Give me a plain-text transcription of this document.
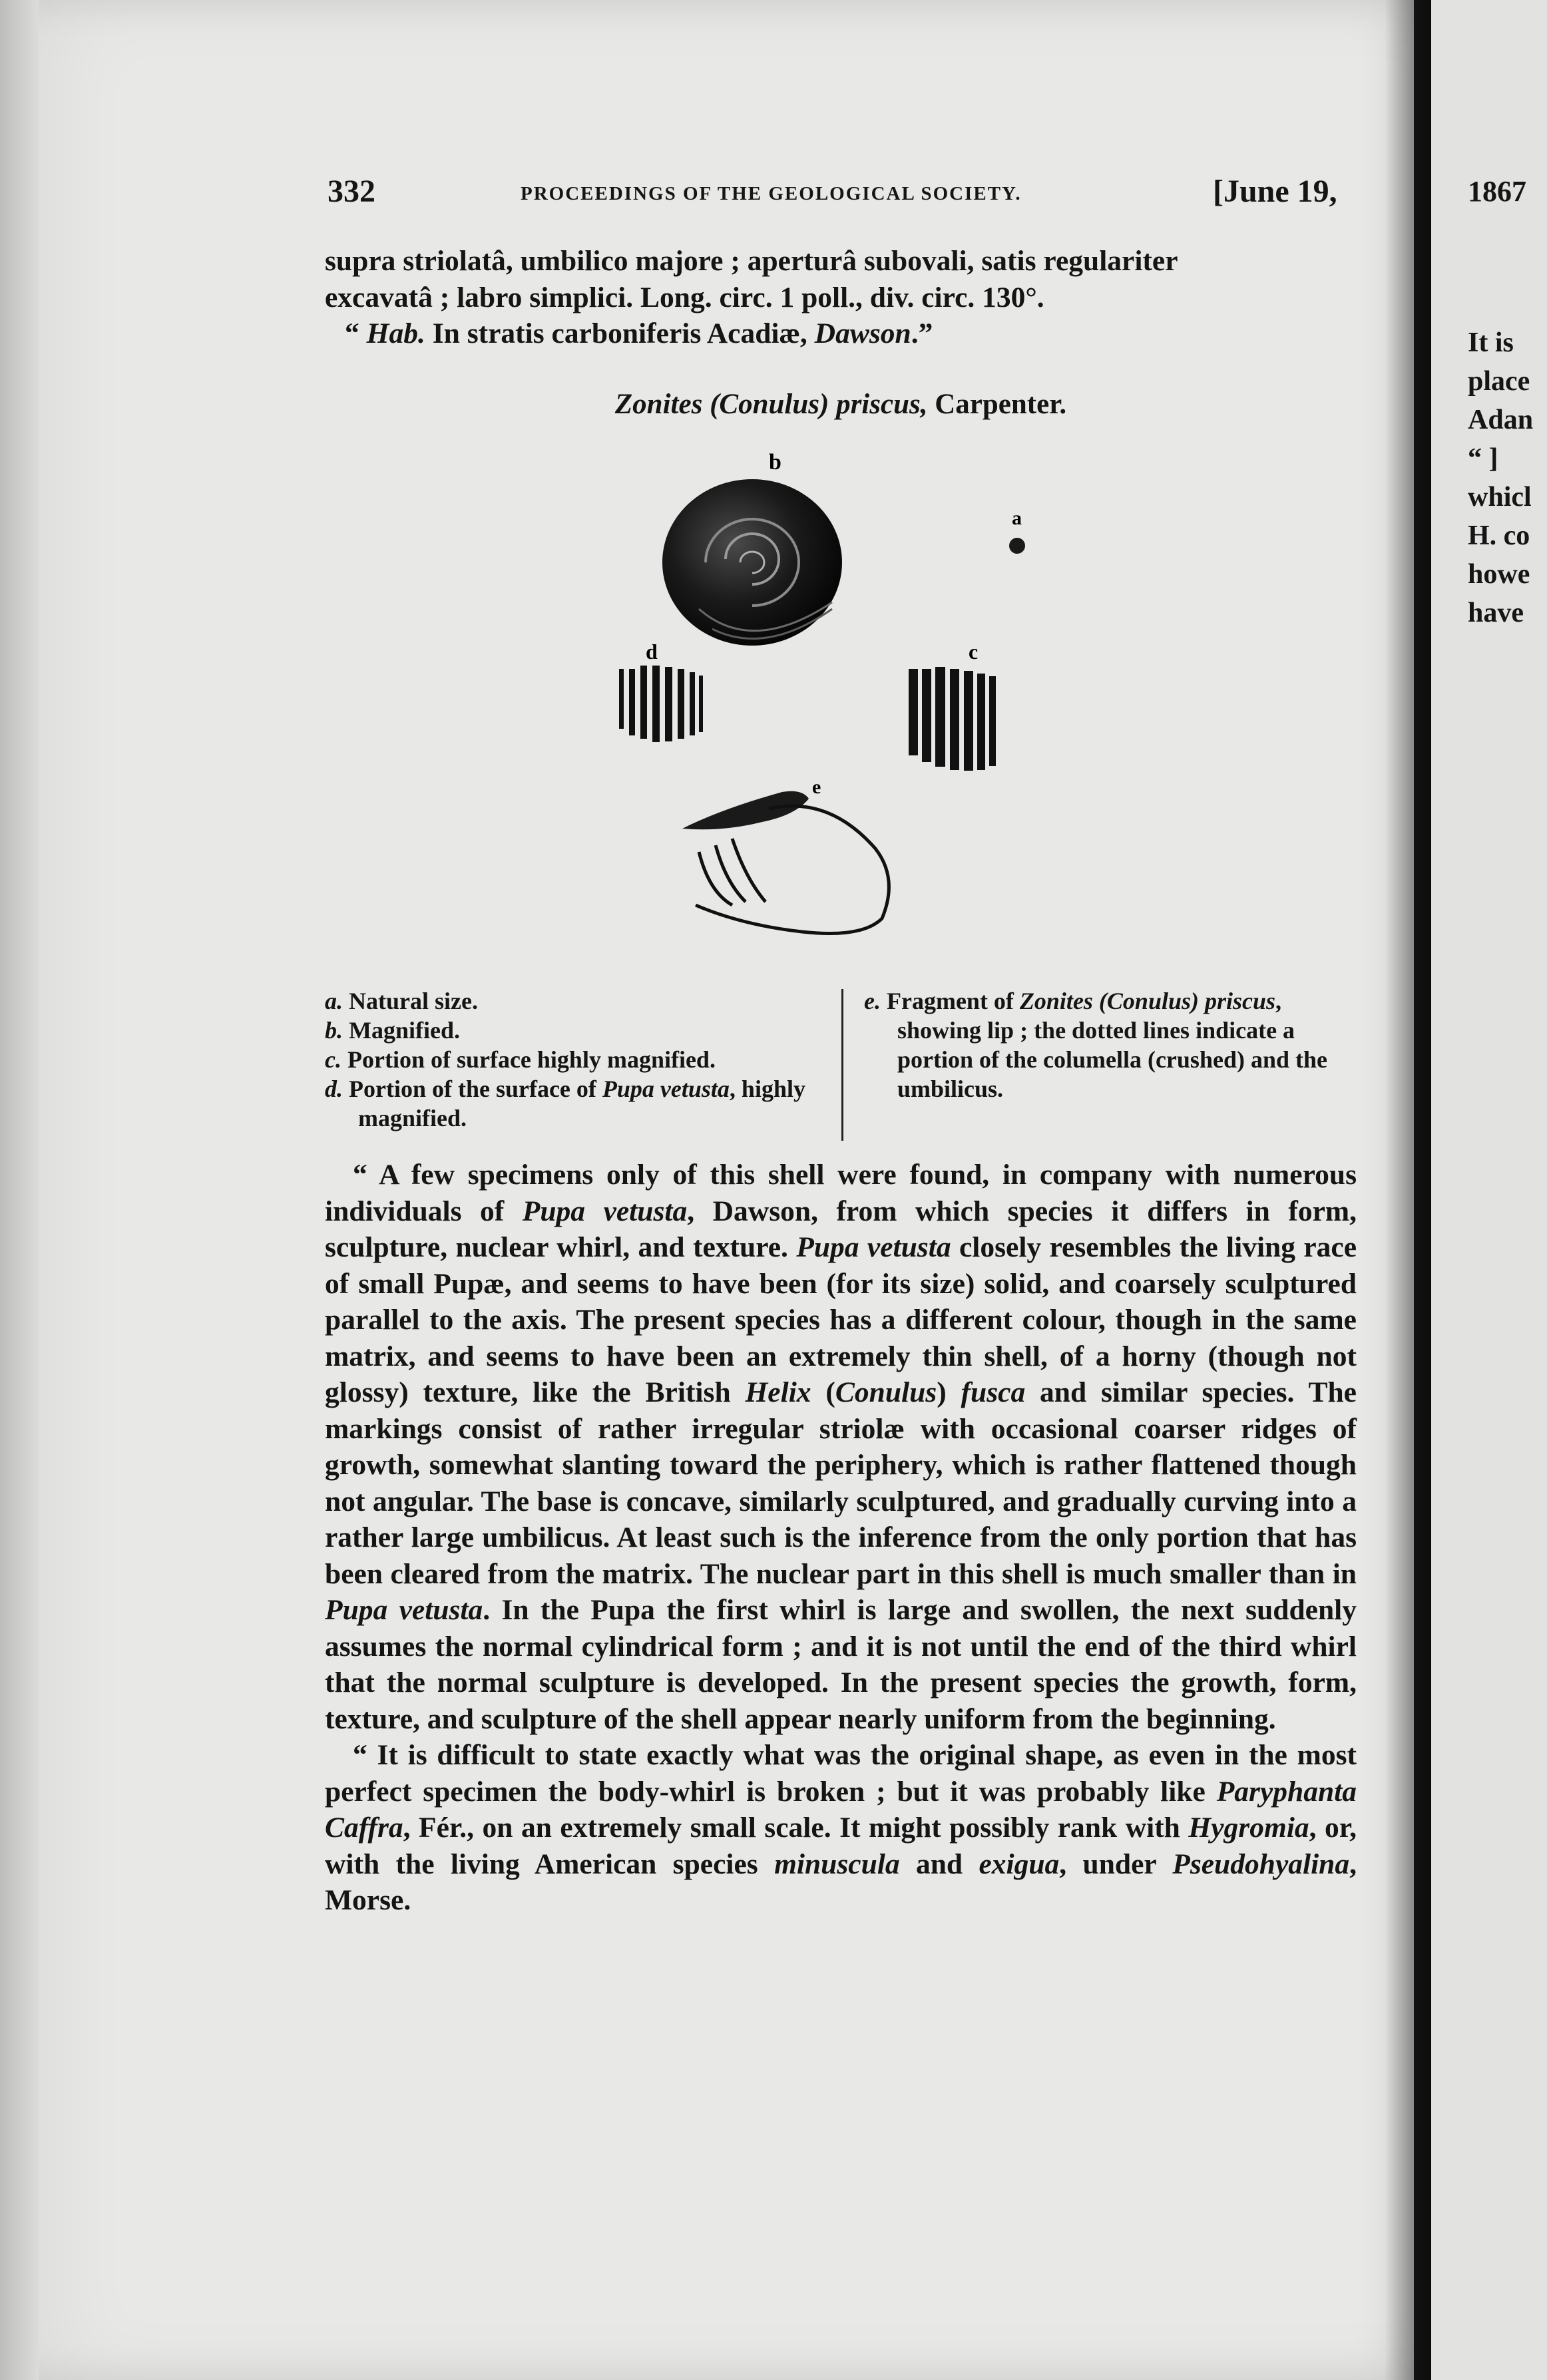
332	PROCEEDINGS OF THE GEOLOGICAL SOCIETY.	[June 19,
supra striolatâ, umbilico majore ; aperturâ subovali, satis regulariter
excavatâ ; labro simplici. Long. circ. 1 poll., div. circ. 130°.
“ Hab. In stratis carboniferis Acadiæ, Dawson.”
Zonites (Conulus) priscus, Carpenter.
b
a
d	c
e
a. Natural size.
b. Magnified.
c. Portion of surface highly magnified.
d. Portion of the surface of Pupa vetusta, highly magnified.
e. Fragment of Zonites (Conulus) priscus, showing lip ; the dotted lines indicate a portion of the columella (crushed) and the umbilicus.

“ A few specimens only of this shell were found, in company with numerous individuals of Pupa vetusta, Dawson, from which species it differs in form, sculpture, nuclear whirl, and texture. Pupa vetusta closely resembles the living race of small Pupæ, and seems to have been (for its size) solid, and coarsely sculptured parallel to the axis. The present species has a different colour, though in the same matrix, and seems to have been an extremely thin shell, of a horny (though not glossy) texture, like the British Helix (Conulus) fusca and similar species. The markings consist of rather irregular striolæ with occasional coarser ridges of growth, somewhat slanting toward the periphery, which is rather flattened though not angular. The base is concave, similarly sculptured, and gradually curving into a rather large umbilicus. At least such is the inference from the only portion that has been cleared from the matrix. The nuclear part in this shell is much smaller than in Pupa vetusta. In the Pupa the first whirl is large and swollen, the next suddenly assumes the normal cylindrical form ; and it is not until the end of the third whirl that the normal sculpture is developed. In the present species the growth, form, texture, and sculpture of the shell appear nearly uniform from the beginning.

“ It is difficult to state exactly what was the original shape, as even in the most perfect specimen the body-whirl is broken ; but it was probably like Paryphanta Caffra, Fér., on an extremely small scale. It might possibly rank with Hygromia, or, with the living American species minuscula and exigua, under Pseudohyalina, Morse.

1867

It is
place
Adan
“ ]
whicl
H. co
howe
have
